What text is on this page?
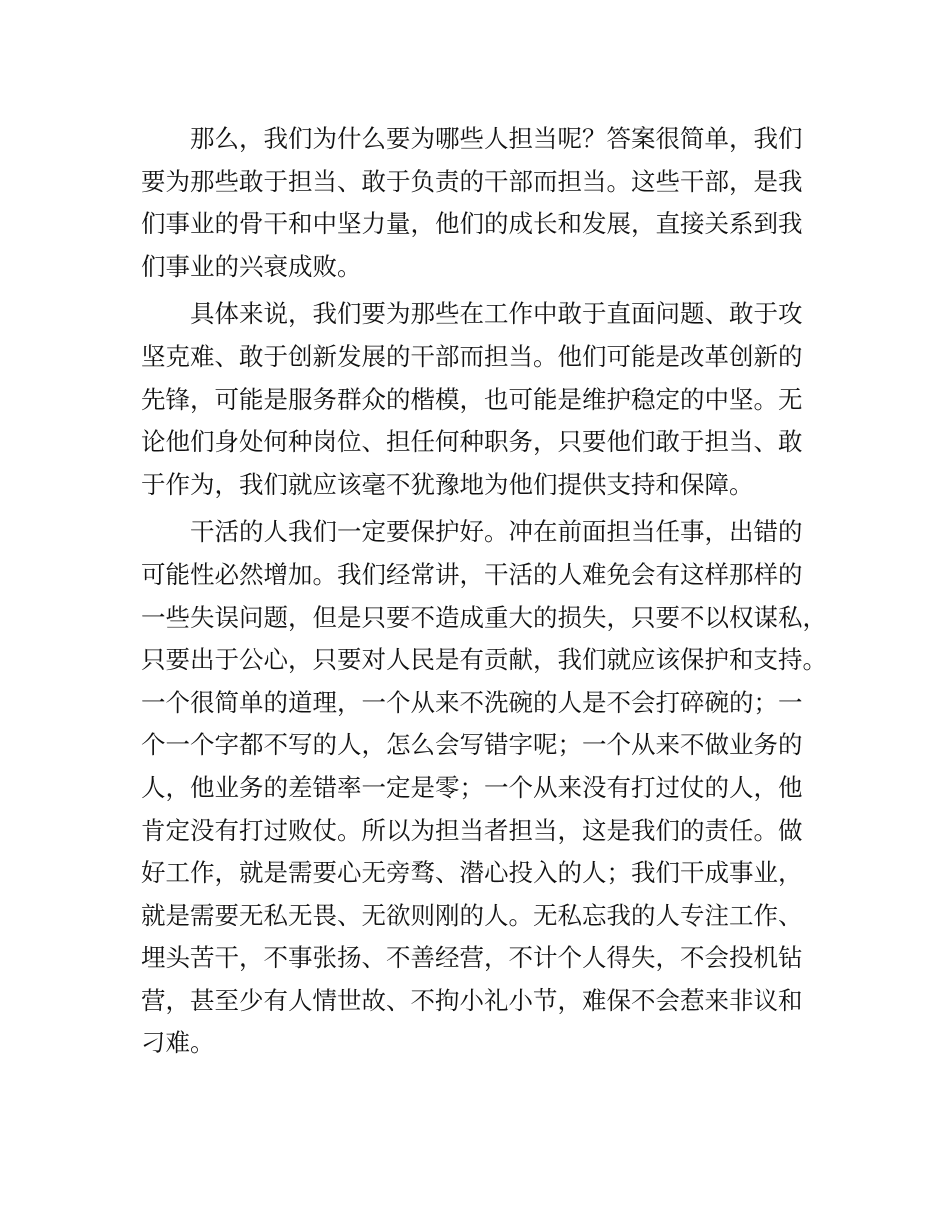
那么，我们为什么要为哪些人担当呢？答案很简单，我们
要为那些敢于担当、敢于负责的干部而担当。这些干部，是我
们事业的骨干和中坚力量，他们的成长和发展，直接关系到我
们事业的兴衰成败。
具体来说，我们要为那些在工作中敢于直面问题、敢于攻
坚克难、敢于创新发展的干部而担当。他们可能是改革创新的
先锋，可能是服务群众的楷模，也可能是维护稳定的中坚。无
论他们身处何种岗位、担任何种职务，只要他们敢于担当、敢
于作为，我们就应该毫不犹豫地为他们提供支持和保障。
干活的人我们一定要保护好。冲在前面担当任事，出错的
可能性必然增加。我们经常讲，干活的人难免会有这样那样的
一些失误问题，但是只要不造成重大的损失，只要不以权谋私，
只要出于公心，只要对人民是有贡献，我们就应该保护和支持。
一个很简单的道理，一个从来不洗碗的人是不会打碎碗的；一
个一个字都不写的人，怎么会写错字呢；一个从来不做业务的
人，他业务的差错率一定是零；一个从来没有打过仗的人，他
肯定没有打过败仗。所以为担当者担当，这是我们的责任。做
好工作，就是需要心无旁骛、潜心投入的人；我们干成事业，
就是需要无私无畏、无欲则刚的人。无私忘我的人专注工作、
埋头苦干，不事张扬、不善经营，不计个人得失，不会投机钻
营，甚至少有人情世故、不拘小礼小节，难保不会惹来非议和
刁难。
